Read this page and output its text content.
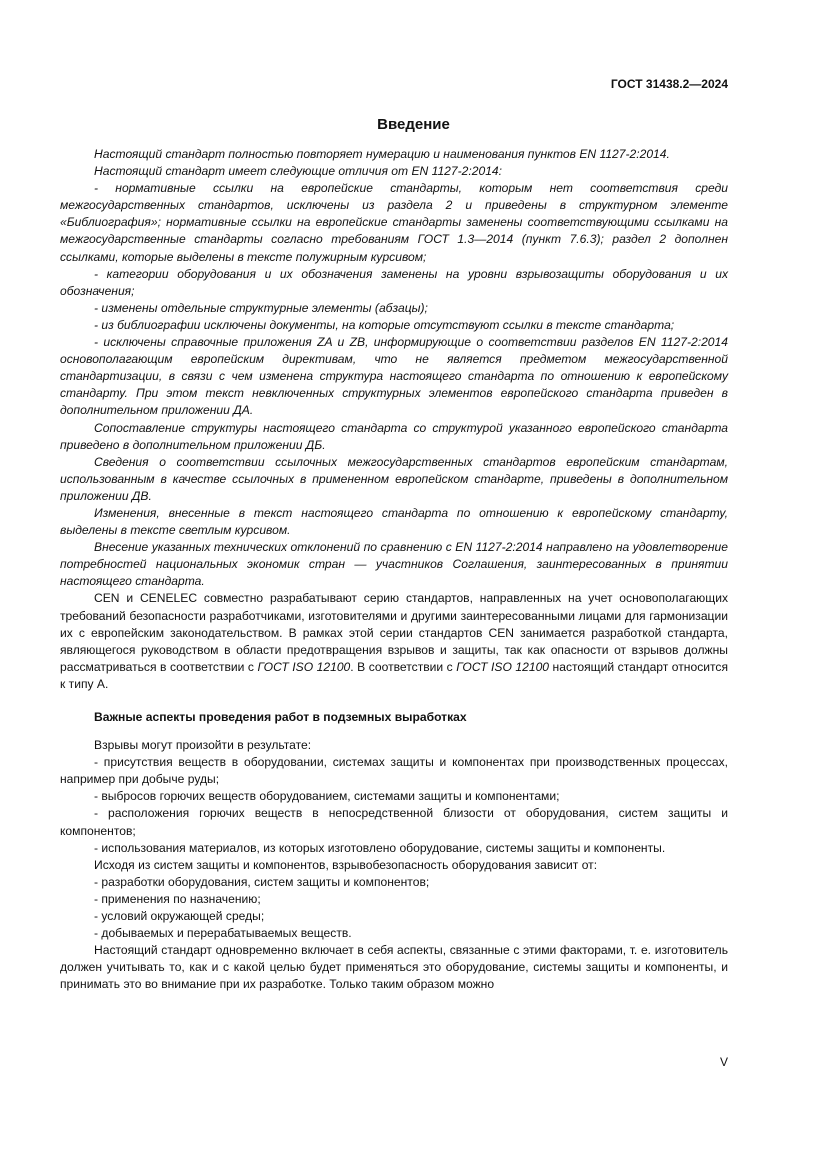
ГОСТ 31438.2—2024
Введение

Настоящий стандарт полностью повторяет нумерацию и наименования пунктов EN 1127-2:2014.

Настоящий стандарт имеет следующие отличия от EN 1127-2:2014:

- нормативные ссылки на европейские стандарты, которым нет соответствия среди межгосударственных стандартов, исключены из раздела 2 и приведены в структурном элементе «Библиография»; нормативные ссылки на европейские стандарты заменены соответствующими ссылками на межгосударственные стандарты согласно требованиям ГОСТ 1.3—2014 (пункт 7.6.3); раздел 2 дополнен ссылками, которые выделены в тексте полужирным курсивом;

- категории оборудования и их обозначения заменены на уровни взрывозащиты оборудования и их обозначения;

- изменены отдельные структурные элементы (абзацы);

- из библиографии исключены документы, на которые отсутствуют ссылки в тексте стандарта;

- исключены справочные приложения ZA и ZB, информирующие о соответствии разделов EN 1127-2:2014 основополагающим европейским директивам, что не является предметом межгосударственной стандартизации, в связи с чем изменена структура настоящего стандарта по отношению к европейскому стандарту. При этом текст невключенных структурных элементов европейского стандарта приведен в дополнительном приложении ДА.

Сопоставление структуры настоящего стандарта со структурой указанного европейского стандарта приведено в дополнительном приложении ДБ.

Сведения о соответствии ссылочных межгосударственных стандартов европейским стандартам, использованным в качестве ссылочных в примененном европейском стандарте, приведены в дополнительном приложении ДВ.

Изменения, внесенные в текст настоящего стандарта по отношению к европейскому стандарту, выделены в тексте светлым курсивом.

Внесение указанных технических отклонений по сравнению с EN 1127-2:2014 направлено на удовлетворение потребностей национальных экономик стран — участников Соглашения, заинтересованных в принятии настоящего стандарта.

CEN и CENELEC совместно разрабатывают серию стандартов, направленных на учет основополагающих требований безопасности разработчиками, изготовителями и другими заинтересованными лицами для гармонизации их с европейским законодательством. В рамках этой серии стандартов CEN занимается разработкой стандарта, являющегося руководством в области предотвращения взрывов и защиты, так как опасности от взрывов должны рассматриваться в соответствии с ГОСТ ISO 12100. В соответствии с ГОСТ ISO 12100 настоящий стандарт относится к типу А.

Важные аспекты проведения работ в подземных выработках

Взрывы могут произойти в результате:

- присутствия веществ в оборудовании, системах защиты и компонентах при производственных процессах, например при добыче руды;

- выбросов горючих веществ оборудованием, системами защиты и компонентами;

- расположения горючих веществ в непосредственной близости от оборудования, систем защиты и компонентов;

- использования материалов, из которых изготовлено оборудование, системы защиты и компоненты.

Исходя из систем защиты и компонентов, взрывобезопасность оборудования зависит от:

- разработки оборудования, систем защиты и компонентов;

- применения по назначению;

- условий окружающей среды;

- добываемых и перерабатываемых веществ.

Настоящий стандарт одновременно включает в себя аспекты, связанные с этими факторами, т. е. изготовитель должен учитывать то, как и с какой целью будет применяться это оборудование, системы защиты и компоненты, и принимать это во внимание при их разработке. Только таким образом можно

V
